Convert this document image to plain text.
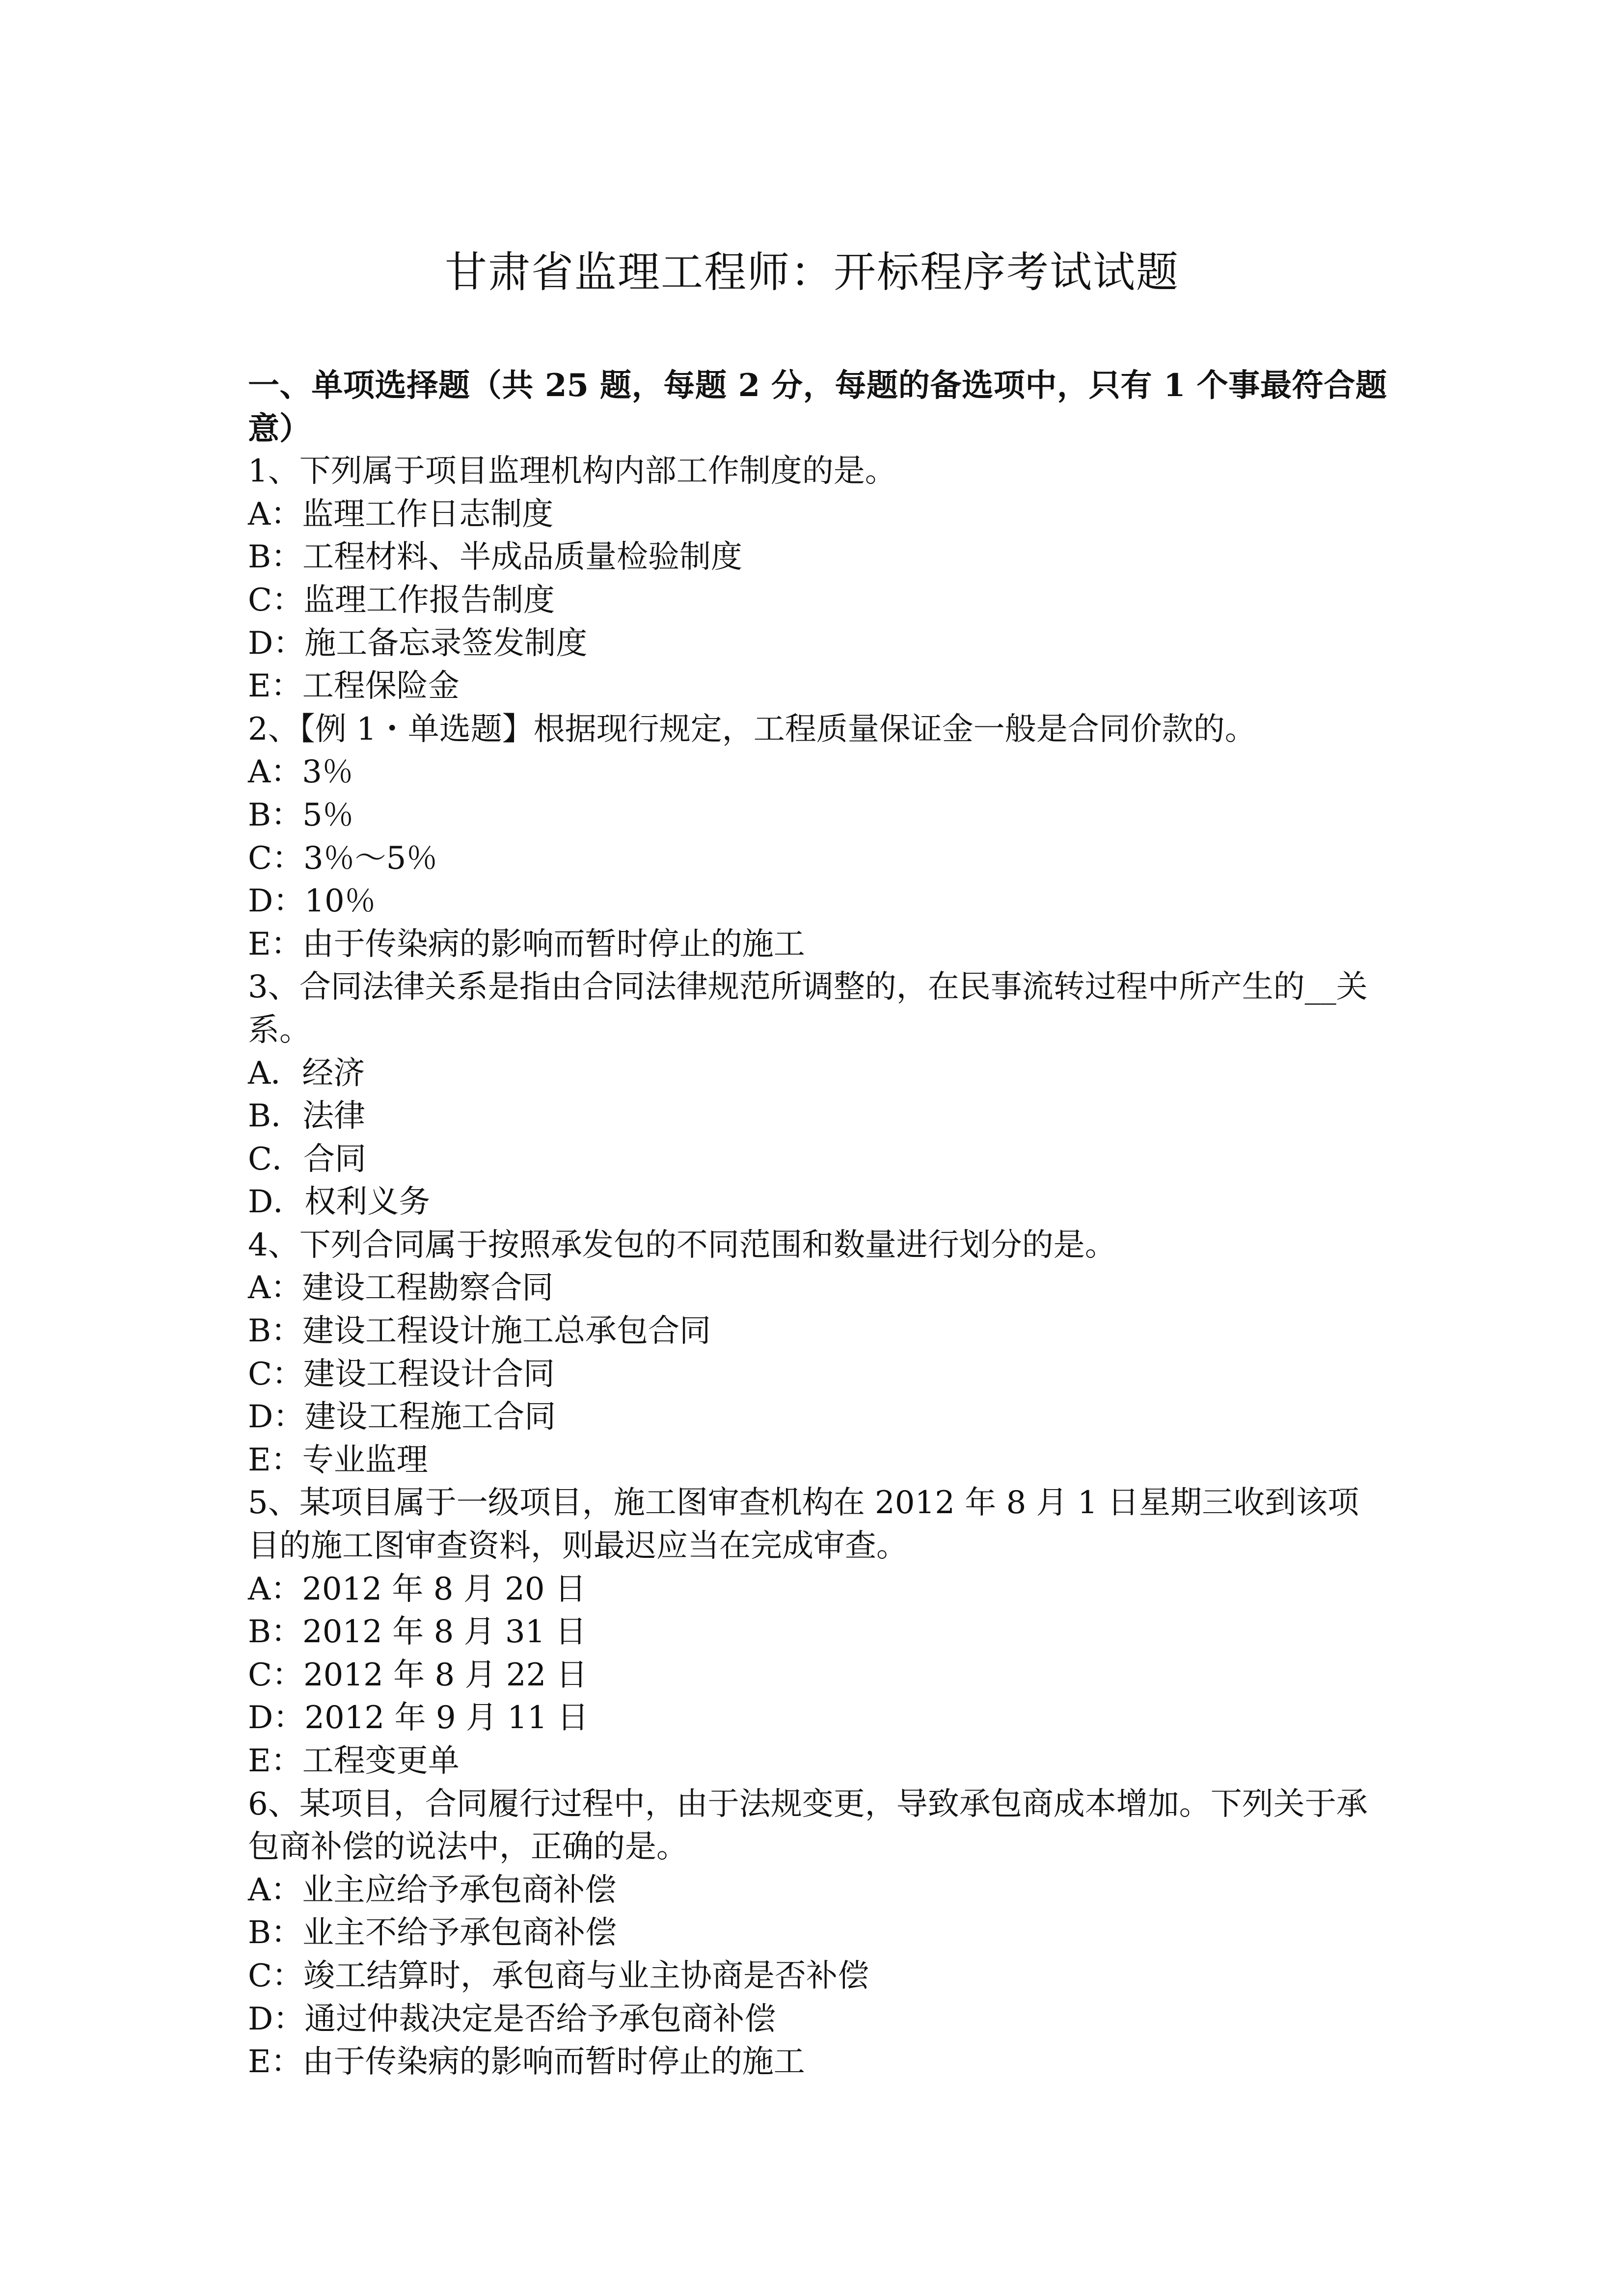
甘肃省监理工程师：开标程序考试试题
一、单项选择题（共 25 题，每题 2 分，每题的备选项中，只有 1 个事最符合题意）
1、下列属于项目监理机构内部工作制度的是。
A：监理工作日志制度
B：工程材料、半成品质量检验制度
C：监理工作报告制度
D：施工备忘录签发制度
E：工程保险金
2、【例 1・单选题】根据现行规定，工程质量保证金一般是合同价款的。
A：3％
B：5％
C：3％～5％
D：10％
E：由于传染病的影响而暂时停止的施工
3、合同法律关系是指由合同法律规范所调整的，在民事流转过程中所产生的__关系。
A．经济
B．法律
C．合同
D．权利义务
4、下列合同属于按照承发包的不同范围和数量进行划分的是。
A：建设工程勘察合同
B：建设工程设计施工总承包合同
C：建设工程设计合同
D：建设工程施工合同
E：专业监理
5、某项目属于一级项目，施工图审查机构在 2012 年 8 月 1 日星期三收到该项目的施工图审查资料，则最迟应当在完成审查。
A：2012 年 8 月 20 日
B：2012 年 8 月 31 日
C：2012 年 8 月 22 日
D：2012 年 9 月 11 日
E：工程变更单
6、某项目，合同履行过程中，由于法规变更，导致承包商成本增加。下列关于承包商补偿的说法中，正确的是。
A：业主应给予承包商补偿
B：业主不给予承包商补偿
C：竣工结算时，承包商与业主协商是否补偿
D：通过仲裁决定是否给予承包商补偿
E：由于传染病的影响而暂时停止的施工
